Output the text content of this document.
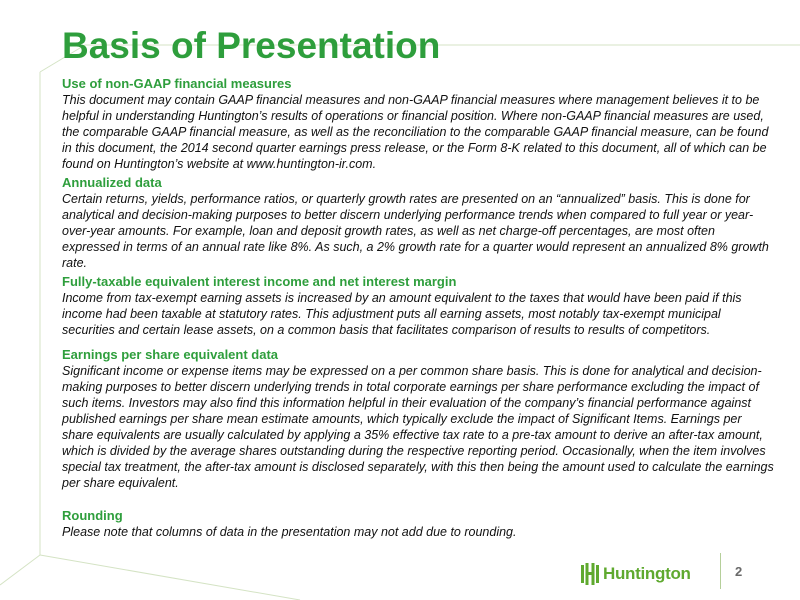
Basis of Presentation
Use of non-GAAP financial measures

This document may contain GAAP financial measures and non-GAAP financial measures where management believes it to be helpful in understanding Huntington’s results of operations or financial position. Where non-GAAP financial measures are used, the comparable GAAP financial measure, as well as the reconciliation to the comparable GAAP financial measure, can be found in this document, the 2014 second quarter earnings press release, or the Form 8-K related to this document, all of which can be found on Huntington’s website at www.huntington-ir.com.

Annualized data

Certain returns, yields, performance ratios, or quarterly growth rates are presented on an “annualized” basis. This is done for analytical and decision-making purposes to better discern underlying performance trends when compared to full year or year-over-year amounts. For example, loan and deposit growth rates, as well as net charge-off percentages, are most often expressed in terms of an annual rate like 8%. As such, a 2% growth rate for a quarter would represent an annualized 8% growth rate.

Fully-taxable equivalent interest income and net interest margin

Income from tax-exempt earning assets is increased by an amount equivalent to the taxes that would have been paid if this income had been taxable at statutory rates. This adjustment puts all earning assets, most notably tax-exempt municipal securities and certain lease assets, on a common basis that facilitates comparison of results to results of competitors.

Earnings per share equivalent data

Significant income or expense items may be expressed on a per common share basis. This is done for analytical and decision-making purposes to better discern underlying trends in total corporate earnings per share performance excluding the impact of such items. Investors may also find this information helpful in their evaluation of the company’s financial performance against published earnings per share mean estimate amounts, which typically exclude the impact of Significant Items. Earnings per share equivalents are usually calculated by applying a 35% effective tax rate to a pre-tax amount to derive an after-tax amount, which is divided by the average shares outstanding during the respective reporting period. Occasionally, when the item involves special tax treatment, the after-tax amount is disclosed separately, with this then being the amount used to calculate the earnings per share equivalent.

Rounding

Please note that columns of data in the presentation may not add due to rounding.

Huntington	2
